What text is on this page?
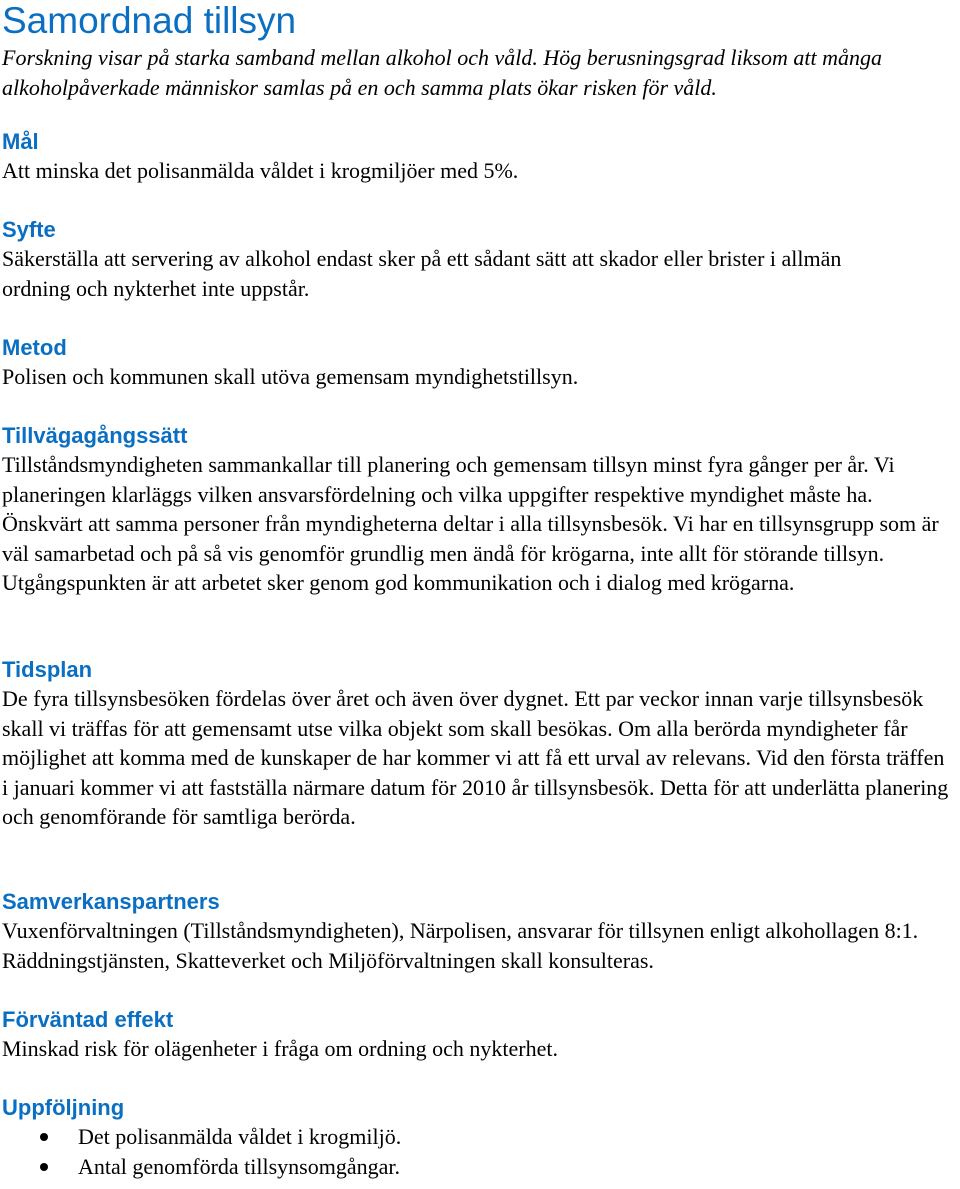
Samordnad tillsyn

Forskning visar på starka samband mellan alkohol och våld. Hög berusningsgrad liksom att många alkoholpåverkade människor samlas på en och samma plats ökar risken för våld.

Mål

Att minska det polisanmälda våldet i krogmiljöer med 5%.

Syfte

Säkerställa att servering av alkohol endast sker på ett sådant sätt att skador eller brister i allmän ordning och nykterhet inte uppstår.

Metod

Polisen och kommunen skall utöva gemensam myndighetstillsyn.

Tillvägagångssätt

Tillståndsmyndigheten sammankallar till planering och gemensam tillsyn minst fyra gånger per år. Vi planeringen klarläggs vilken ansvarsfördelning och vilka uppgifter respektive myndighet måste ha. Önskvärt att samma personer från myndigheterna deltar i alla tillsynsbesök. Vi har en tillsynsgrupp som är väl samarbetad och på så vis genomför grundlig men ändå för krögarna, inte allt för störande tillsyn. Utgångspunkten är att arbetet sker genom god kommunikation och i dialog med krögarna.

Tidsplan

De fyra tillsynsbesöken fördelas över året och även över dygnet. Ett par veckor innan varje tillsynsbesök skall vi träffas för att gemensamt utse vilka objekt som skall besökas. Om alla berörda myndigheter får möjlighet att komma med de kunskaper de har kommer vi att få ett urval av relevans. Vid den första träffen i januari kommer vi att fastställa närmare datum för 2010 år tillsynsbesök. Detta för att underlätta planering och genomförande för samtliga berörda.

Samverkanspartners

Vuxenförvaltningen (Tillståndsmyndigheten), Närpolisen, ansvarar för tillsynen enligt alkohollagen 8:1. Räddningstjänsten, Skatteverket och Miljöförvaltningen skall konsulteras.

Förväntad effekt

Minskad risk för olägenheter i fråga om ordning och nykterhet.

Uppföljning
Det polisanmälda våldet i krogmiljö.
Antal genomförda tillsynsomgångar.
